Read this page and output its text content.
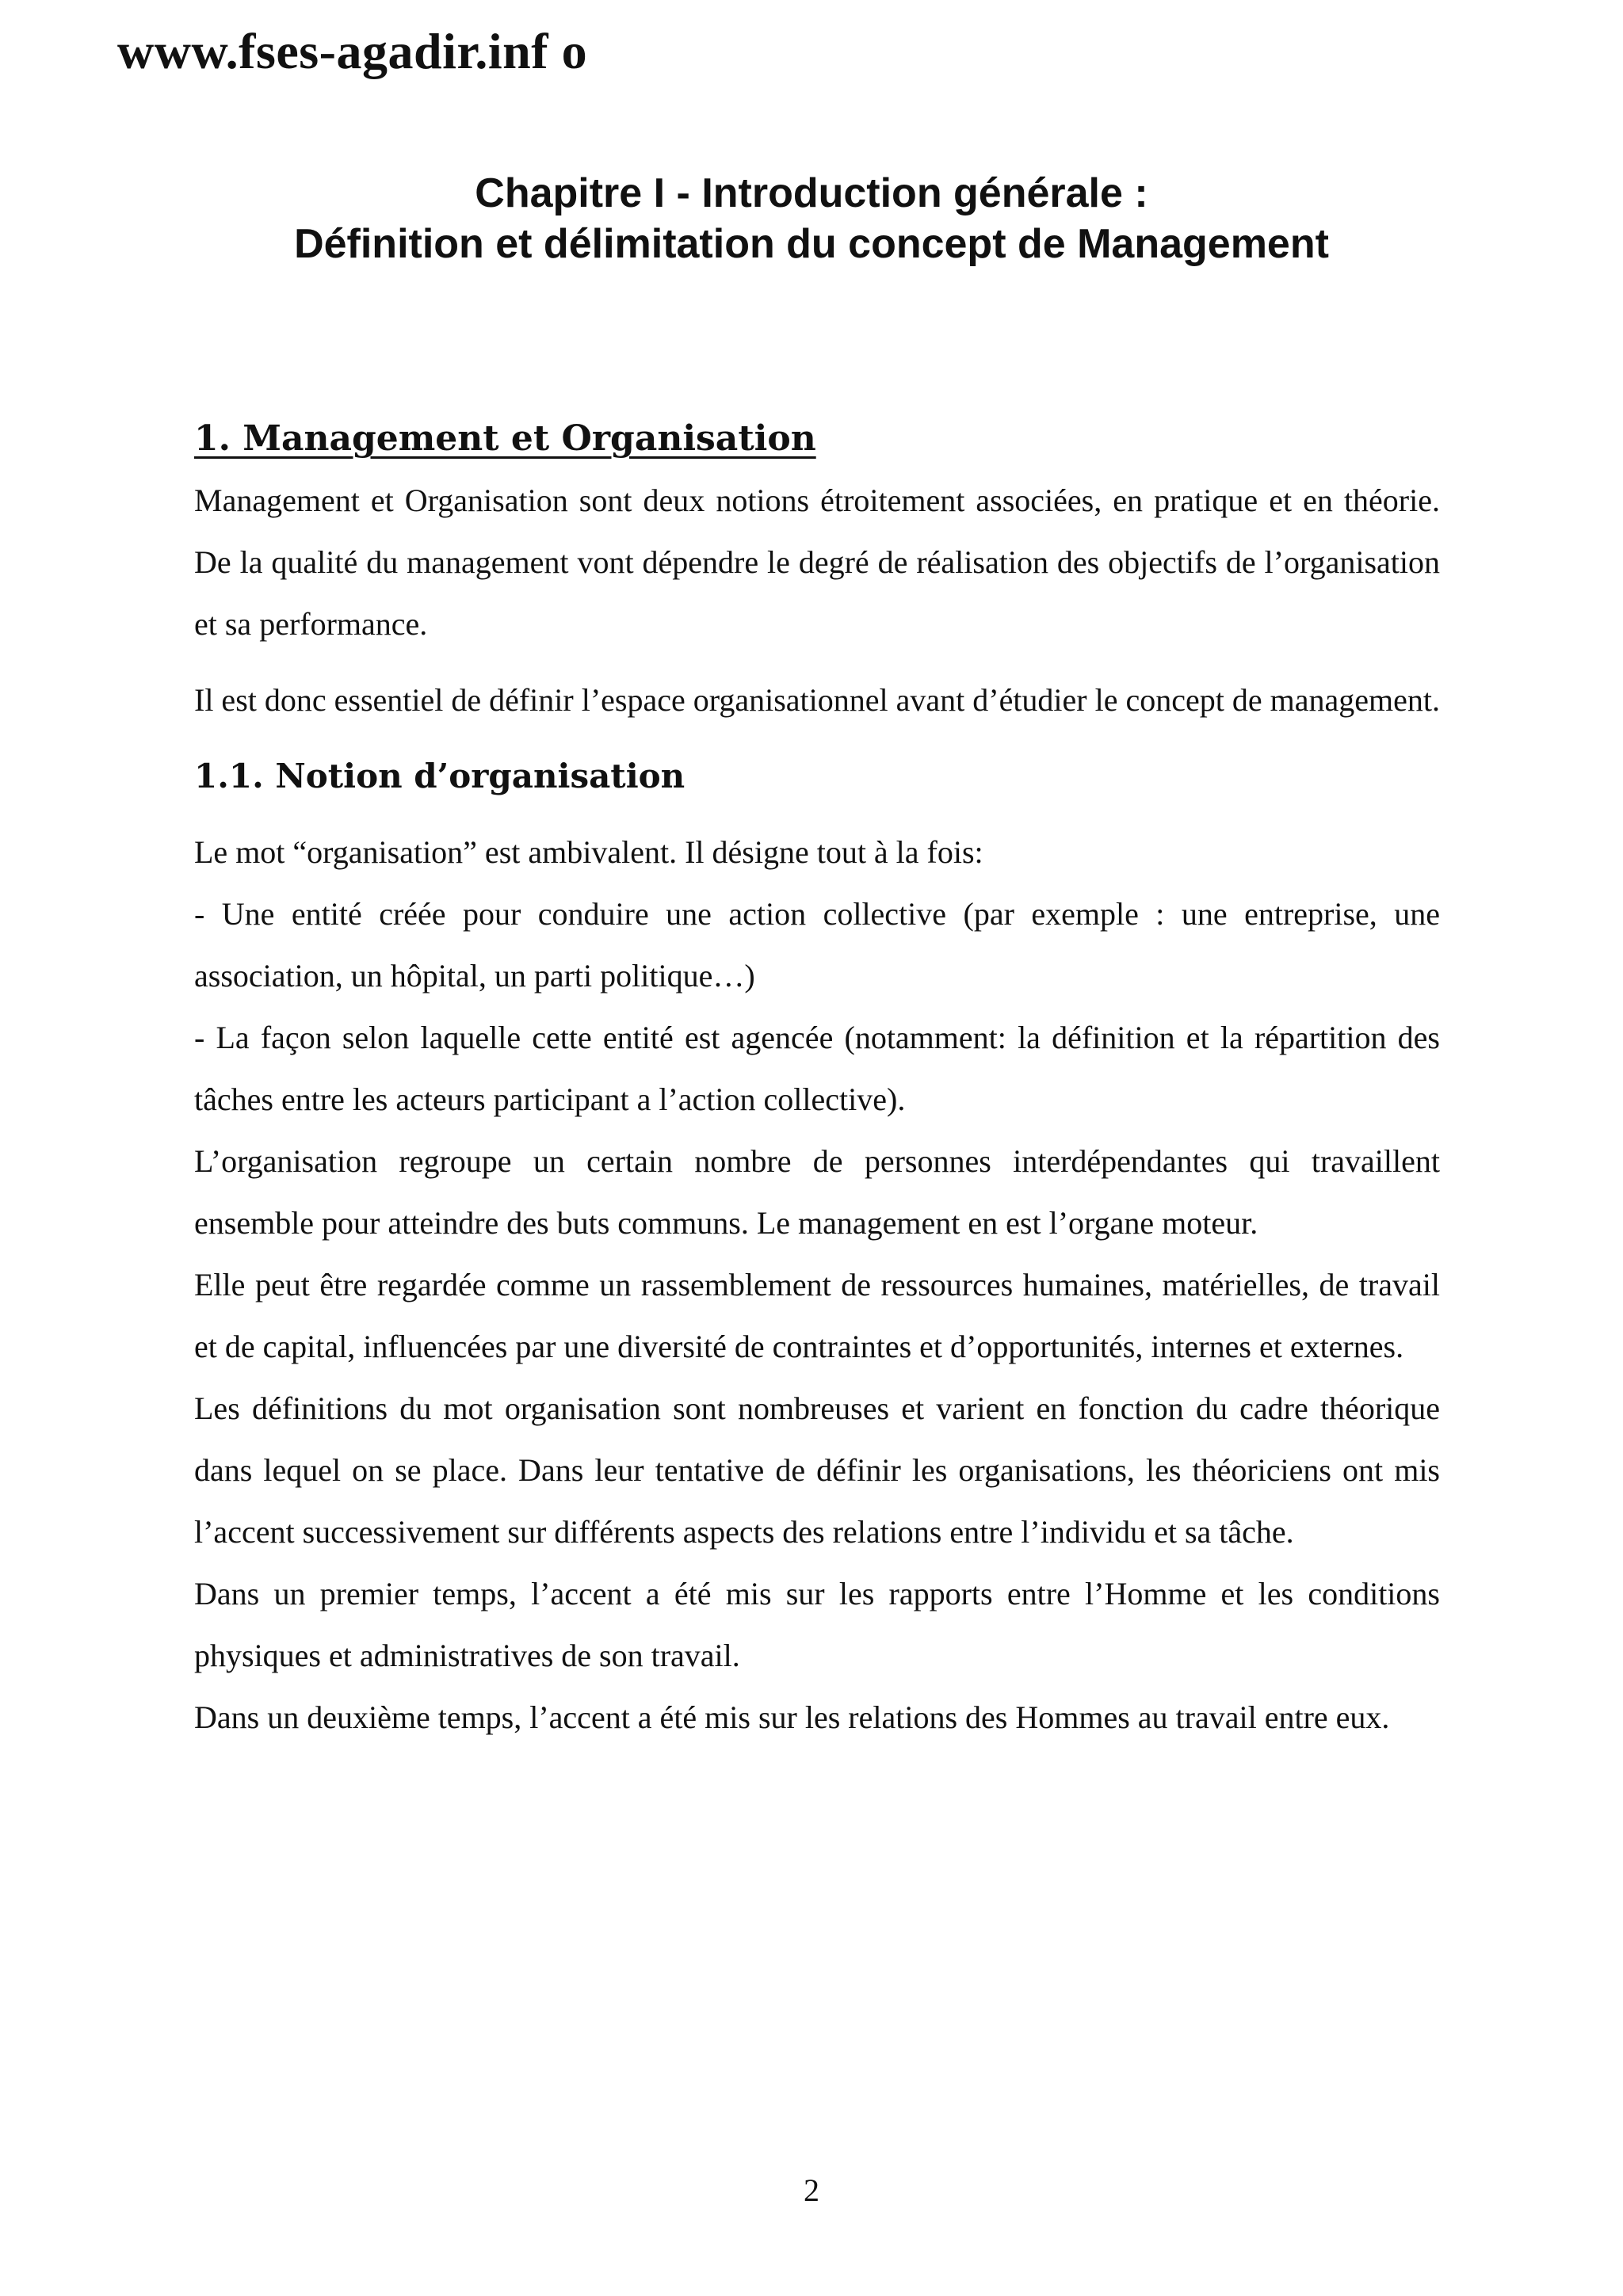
www.fses-agadir.inf o
Chapitre I - Introduction générale :
Définition et délimitation du concept de Management
1. Management et Organisation

Management et Organisation sont deux notions étroitement associées, en pratique et en théorie. De la qualité du management vont dépendre le degré de réalisation des objectifs de l’organisation et sa performance.

Il est donc essentiel de définir l’espace organisationnel avant d’étudier le concept de management.

1.1. Notion d’organisation

Le mot “organisation” est ambivalent. Il désigne tout à la fois:

- Une entité créée pour conduire une action collective (par exemple : une entreprise, une association, un hôpital, un parti politique…)

- La façon selon laquelle cette entité est agencée (notamment: la définition et la répartition des tâches entre les acteurs participant a l’action collective).

L’organisation regroupe un certain nombre de personnes interdépendantes qui travaillent ensemble pour atteindre des buts communs. Le management en est l’organe moteur.

Elle peut être regardée comme un rassemblement de ressources humaines, matérielles, de travail et de capital, influencées par une diversité de contraintes et d’opportunités, internes et externes.

Les définitions du mot organisation sont nombreuses et varient en fonction du cadre théorique dans lequel on se place. Dans leur tentative de définir les organisations, les théoriciens ont mis l’accent successivement sur différents aspects des relations entre l’individu et sa tâche.

Dans un premier temps, l’accent a été mis sur les rapports entre l’Homme et les conditions physiques et administratives de son travail.

Dans un deuxième temps, l’accent a été mis sur les relations des Hommes au travail entre eux.

2
